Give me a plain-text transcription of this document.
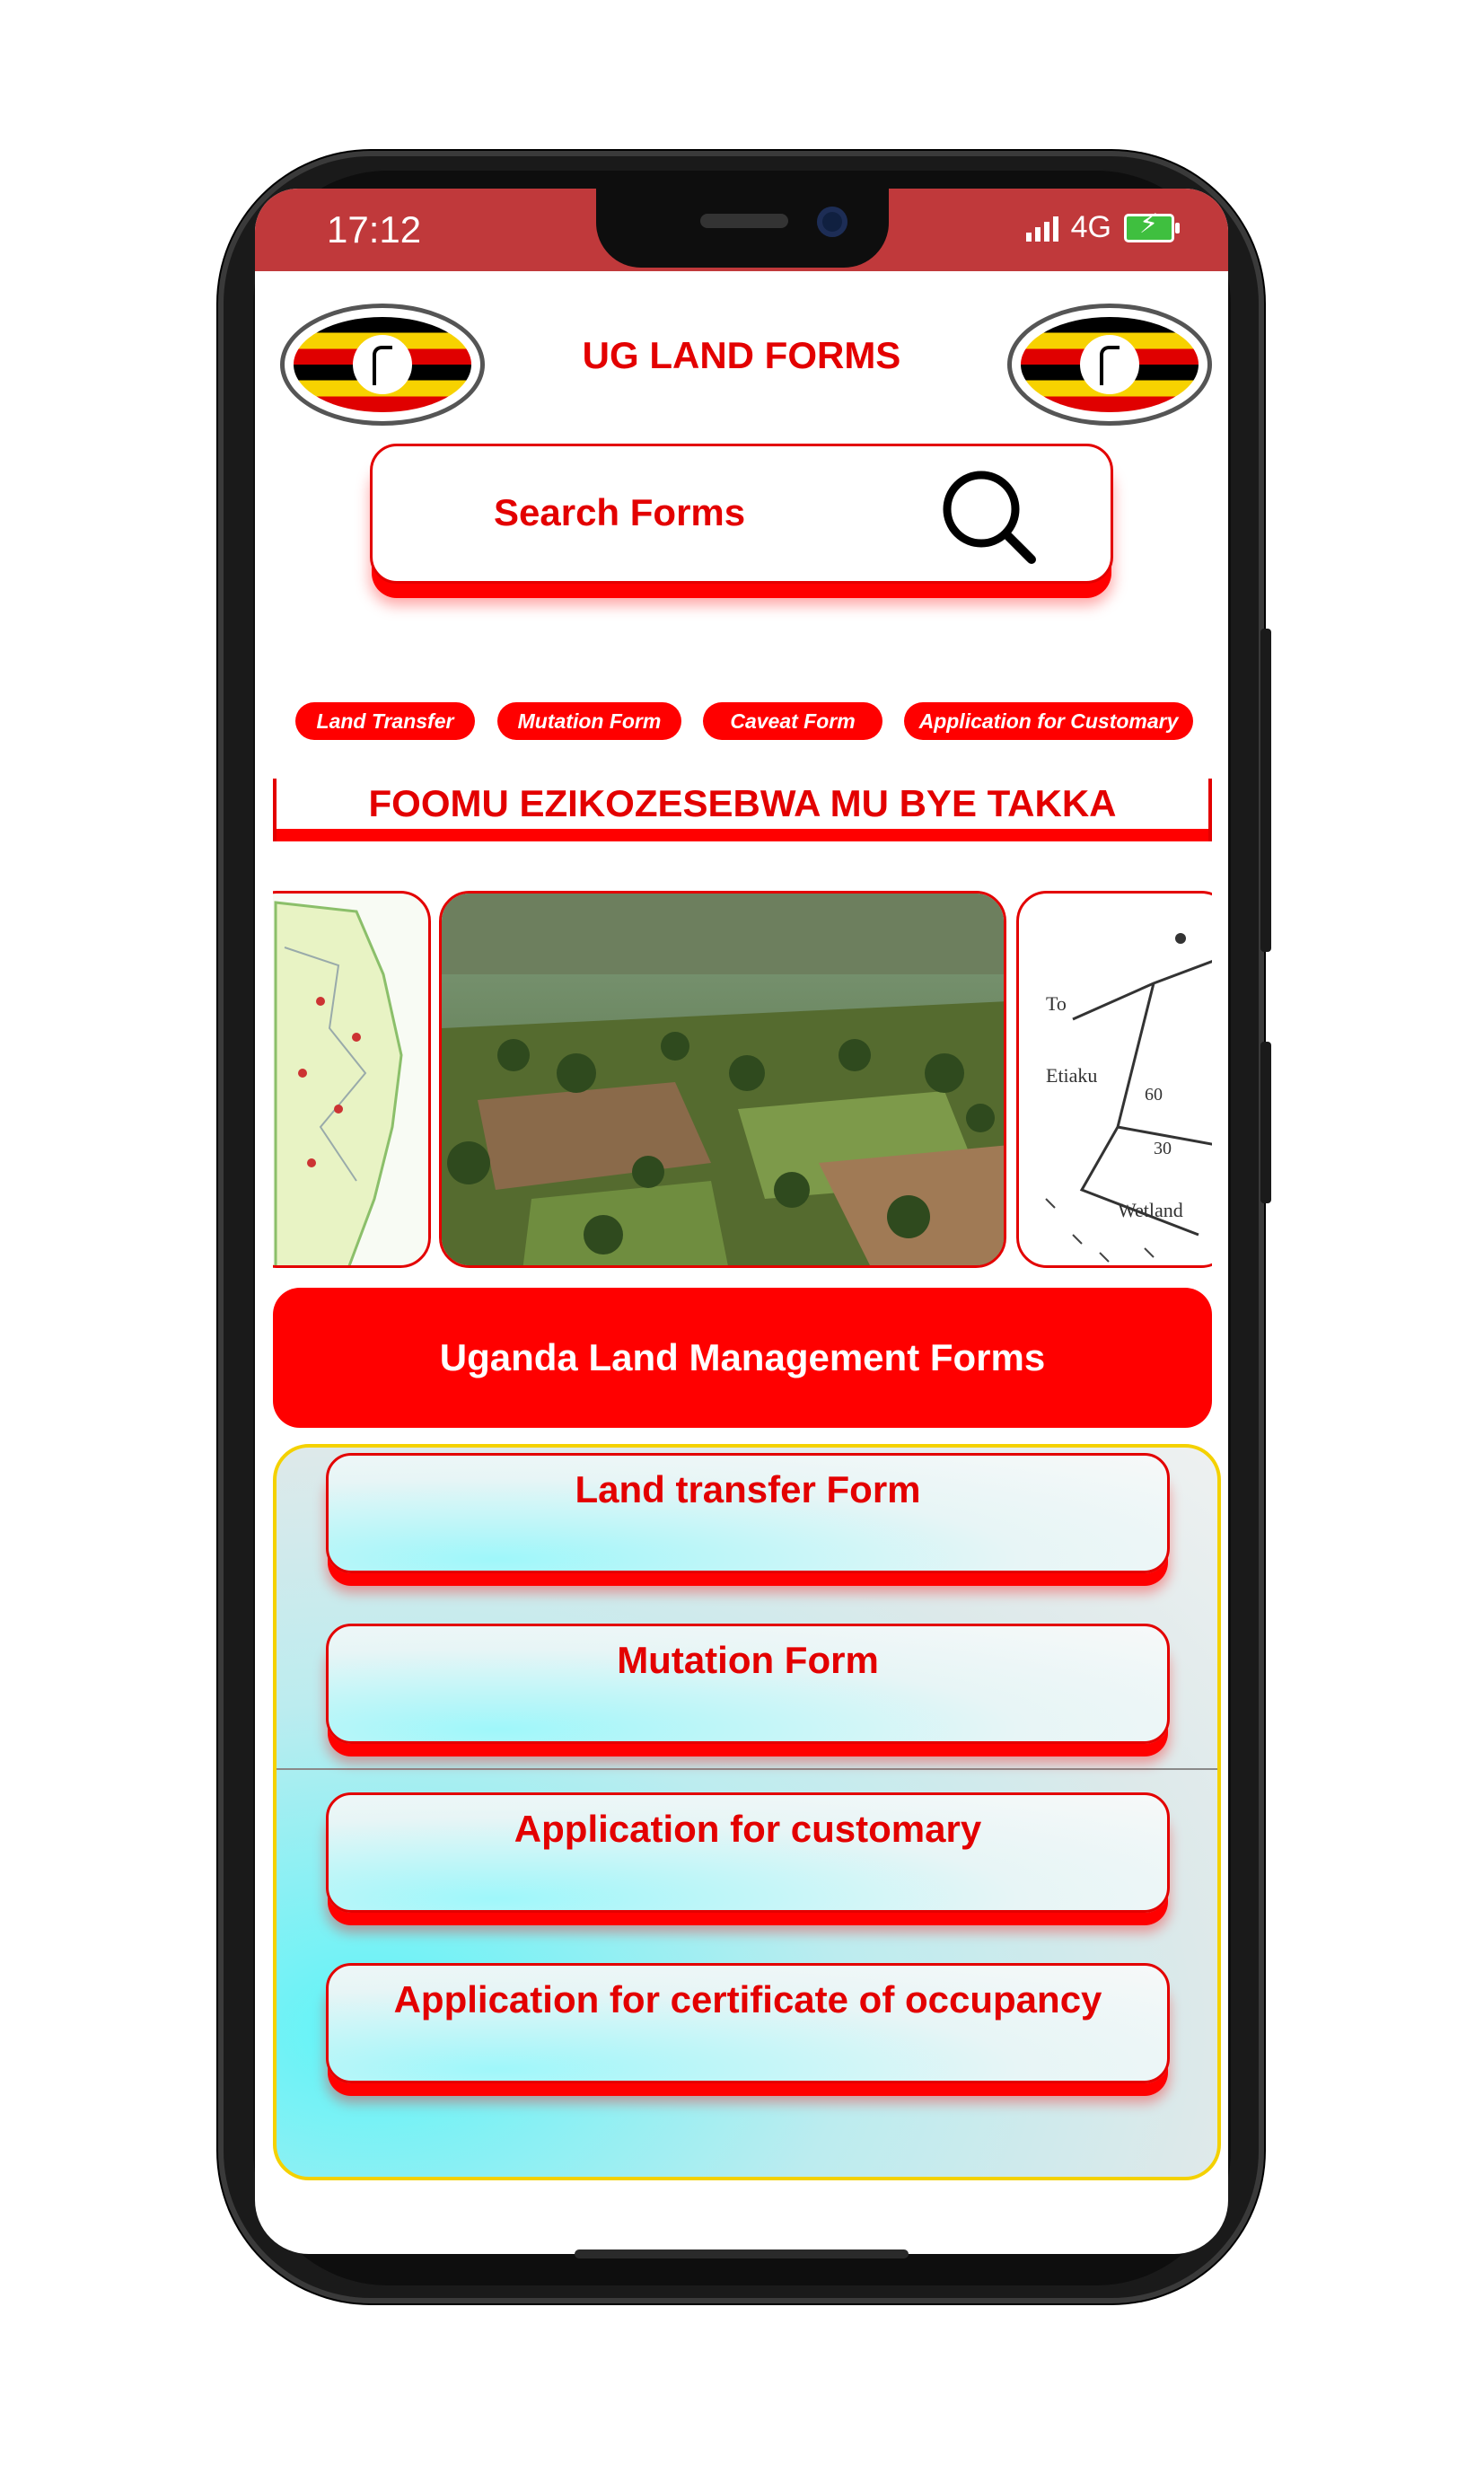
17:12	4G ⚡
UG LAND FORMS
Search Forms
Land Transfer	Mutation Form	Caveat Form	Application for Customary
FOOMU EZIKOZESEBWA MU BYE TAKKA
To
Etiaku
60
30
Wetland
Uganda Land Management Forms
Land transfer Form
Mutation Form
Application for customary
Application for certificate of occupancy
